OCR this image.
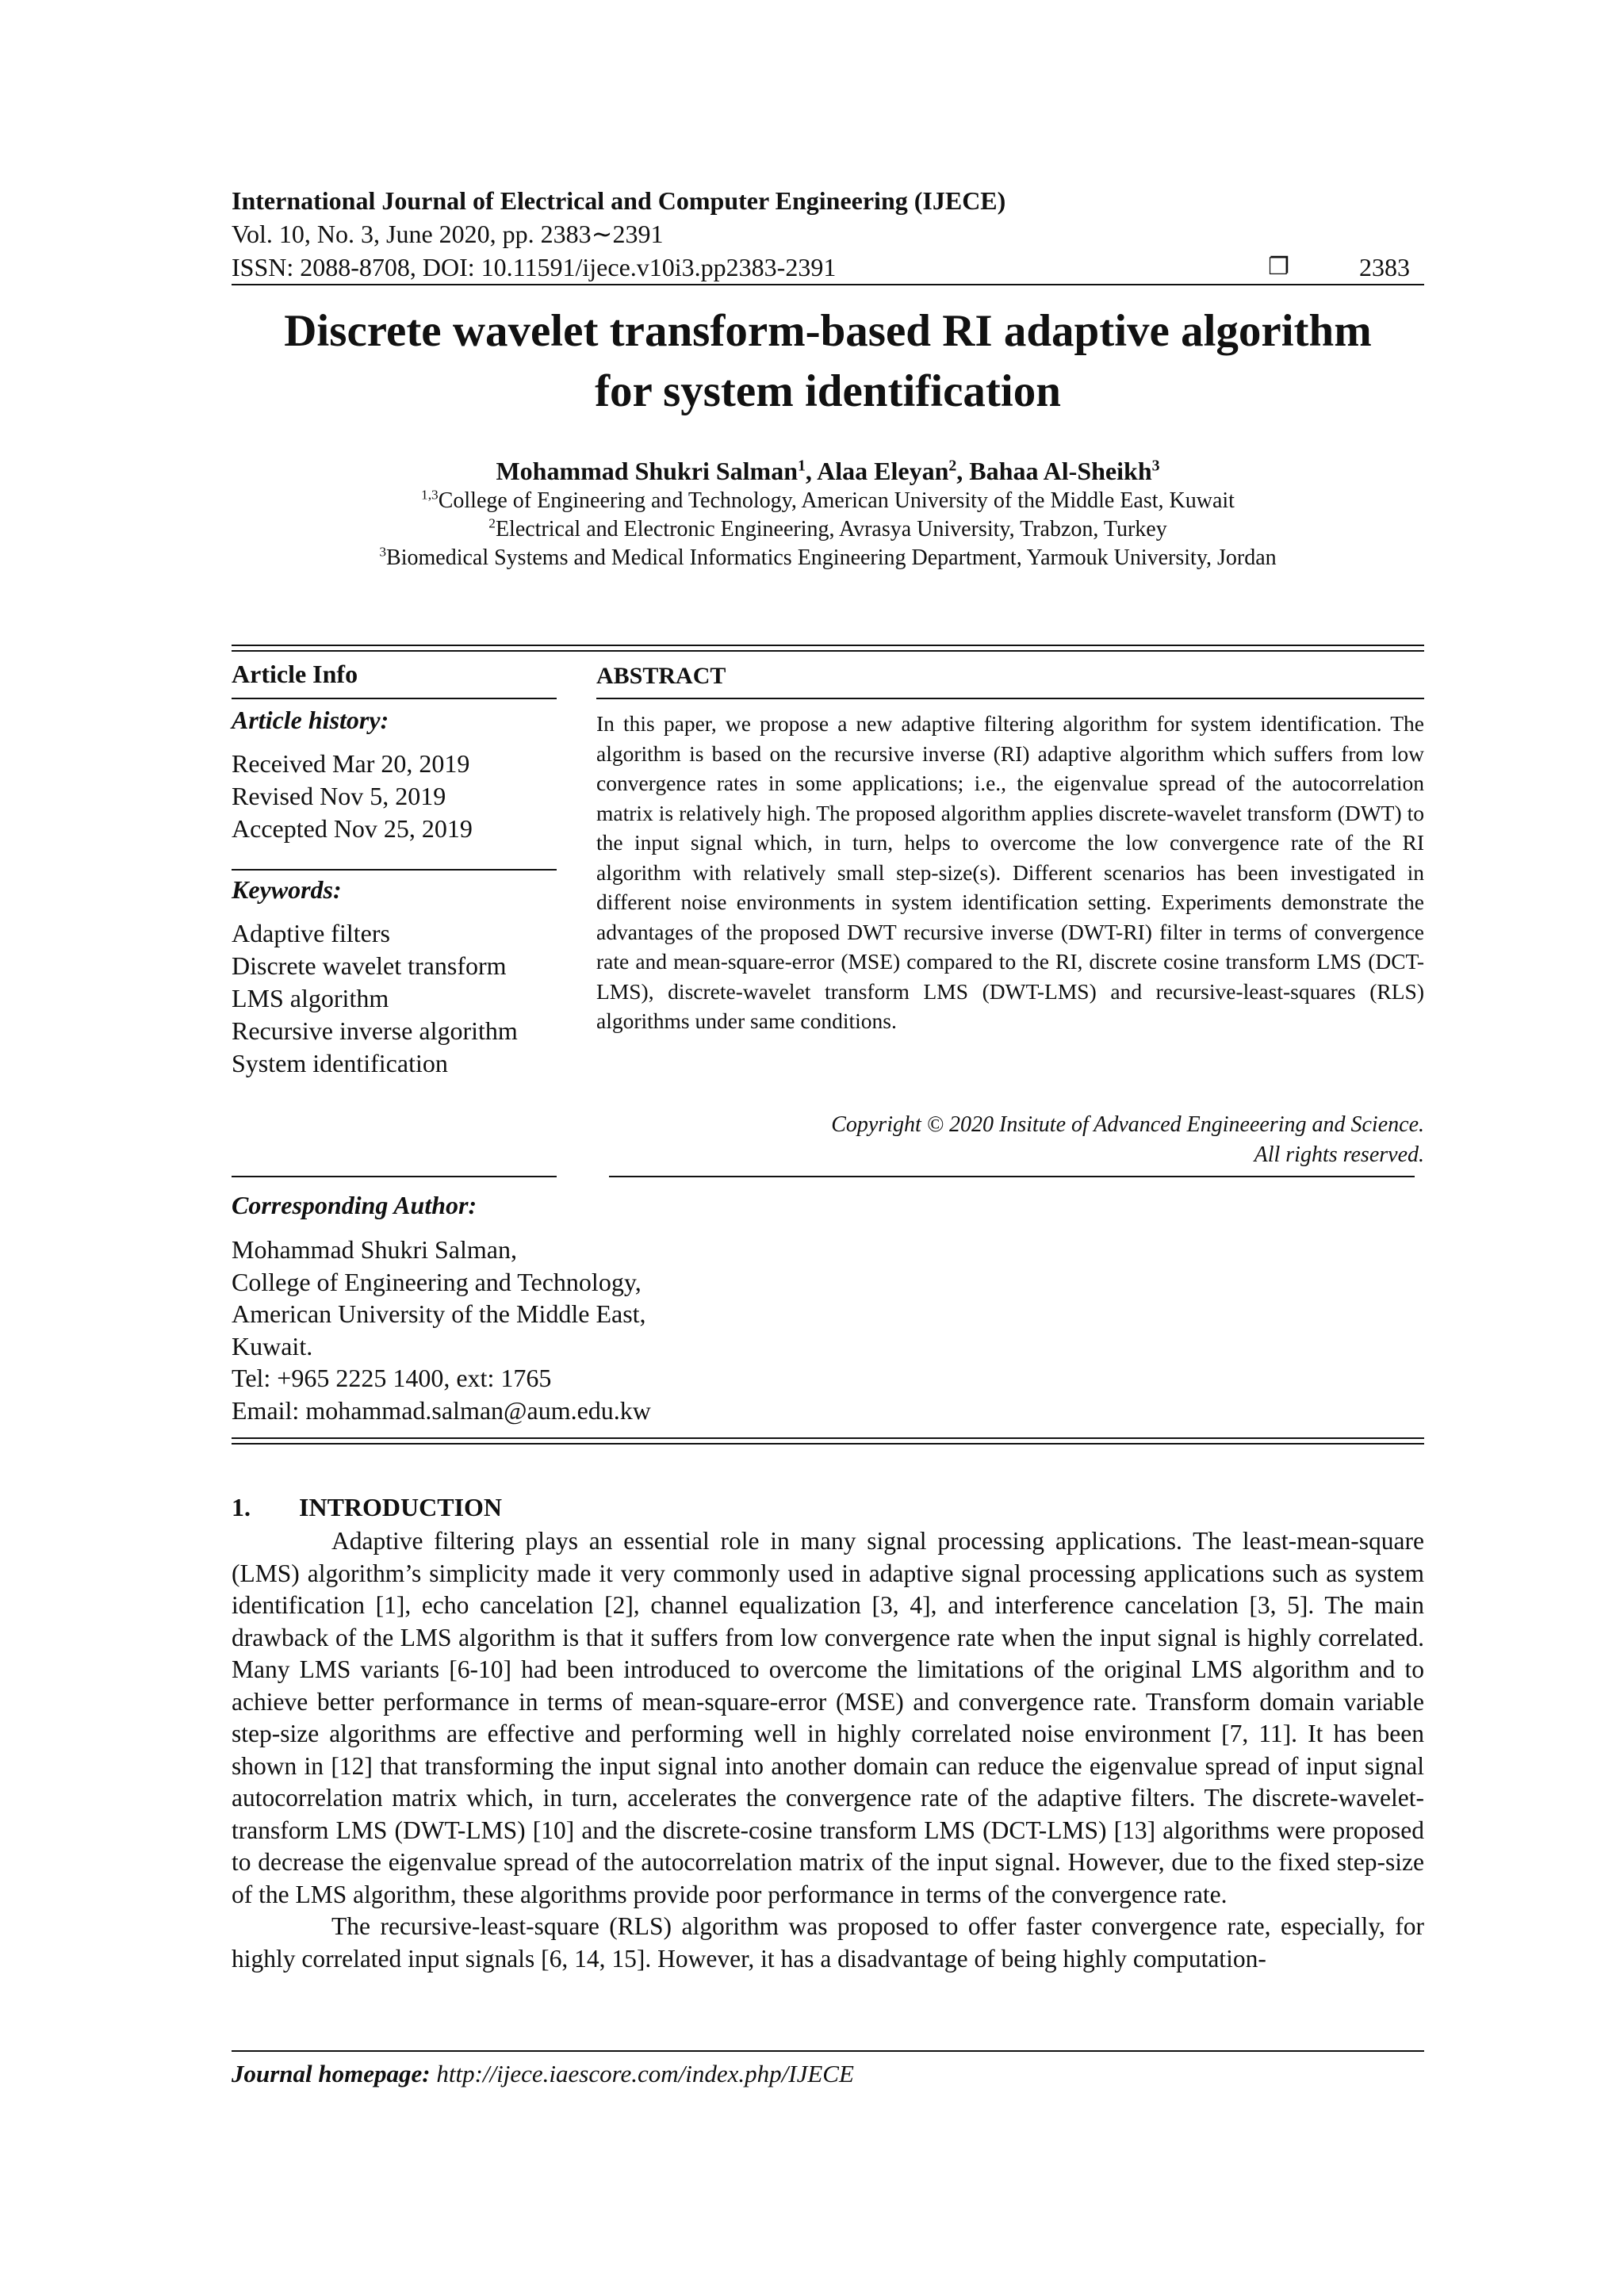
International Journal of Electrical and Computer Engineering (IJECE)
Vol. 10, No. 3, June 2020, pp. 2383∼2391
ISSN: 2088-8708, DOI: 10.11591/ijece.v10i3.pp2383-2391	❐	2383
Discrete wavelet transform-based RI adaptive algorithm
for system identification
Mohammad Shukri Salman$^1$, Alaa Eleyan$^2$, Bahaa Al-Sheikh$^3$
$^{1,3}$College of Engineering and Technology, American University of the Middle East, Kuwait
$^2$Electrical and Electronic Engineering, Avrasya University, Trabzon, Turkey
$^3$Biomedical Systems and Medical Informatics Engineering Department, Yarmouk University, Jordan
Article Info
Article history:
Received Mar 20, 2019
Revised Nov 5, 2019
Accepted Nov 25, 2019
Keywords:
Adaptive filters
Discrete wavelet transform
LMS algorithm
Recursive inverse algorithm
System identification
ABSTRACT
In this paper, we propose a new adaptive filtering algorithm for system identification. The algorithm is based on the recursive inverse (RI) adaptive algorithm which suffers from low convergence rates in some applications; i.e., the eigenvalue spread of the autocorrelation matrix is relatively high. The proposed algorithm applies discrete-wavelet transform (DWT) to the input signal which, in turn, helps to overcome the low convergence rate of the RI algorithm with relatively small step-size(s). Different scenarios has been investigated in different noise environments in system identification setting. Experiments demonstrate the advantages of the proposed DWT recursive inverse (DWT-RI) filter in terms of convergence rate and mean-square-error (MSE) compared to the RI, discrete cosine transform LMS (DCT-LMS), discrete-wavelet transform LMS (DWT-LMS) and recursive-least-squares (RLS) algorithms under same conditions.
Copyright © 2020 Insitute of Advanced Engineeering and Science.
All rights reserved.
Corresponding Author:
Mohammad Shukri Salman,
College of Engineering and Technology,
American University of the Middle East,
Kuwait.
Tel: +965 2225 1400, ext: 1765
Email: mohammad.salman@aum.edu.kw
1. INTRODUCTION

Adaptive filtering plays an essential role in many signal processing applications. The least-mean-square (LMS) algorithm’s simplicity made it very commonly used in adaptive signal processing applications such as system identification [1], echo cancelation [2], channel equalization [3, 4], and interference cancelation [3, 5]. The main drawback of the LMS algorithm is that it suffers from low convergence rate when the input signal is highly correlated. Many LMS variants [6-10] had been introduced to overcome the limitations of the original LMS algorithm and to achieve better performance in terms of mean-square-error (MSE) and convergence rate. Transform domain variable step-size algorithms are effective and performing well in highly correlated noise environment [7, 11]. It has been shown in [12] that transforming the input signal into another domain can reduce the eigenvalue spread of input signal autocorrelation matrix which, in turn, accelerates the convergence rate of the adaptive filters. The discrete-wavelet-transform LMS (DWT-LMS) [10] and the discrete-cosine transform LMS (DCT-LMS) [13] algorithms were proposed to decrease the eigenvalue spread of the autocorrelation matrix of the input signal. However, due to the fixed step-size of the LMS algorithm, these algorithms provide poor performance in terms of the convergence rate.

The recursive-least-square (RLS) algorithm was proposed to offer faster convergence rate, especially, for highly correlated input signals [6, 14, 15]. However, it has a disadvantage of being highly computation-

Journal homepage: http://ijece.iaescore.com/index.php/IJECE
